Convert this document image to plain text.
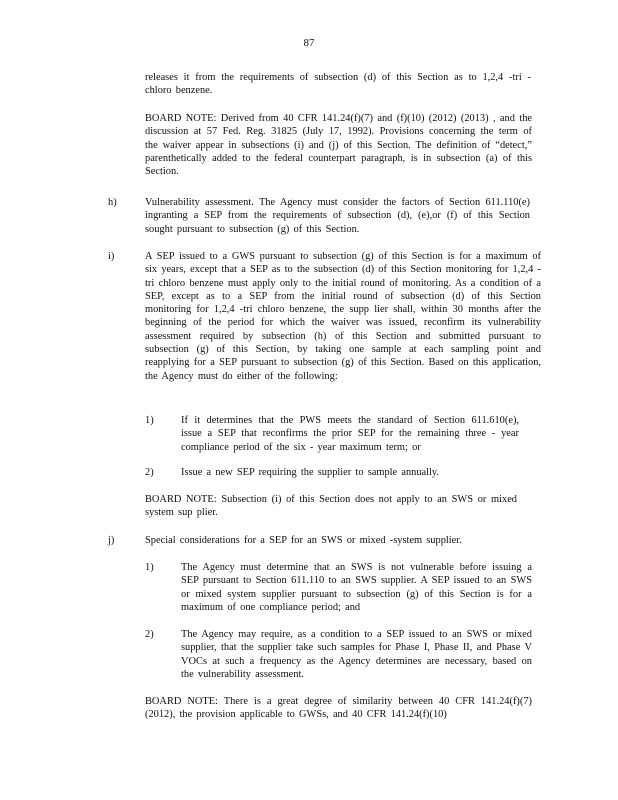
87
releases it from the requirements of subsection (d) of this Section as to 1,2,4 -tri - chloro benzene.
BOARD NOTE: Derived from 40 CFR 141.24(f)(7) and (f)(10) (2012) (2013) , and the discussion at 57 Fed. Reg. 31825 (July 17, 1992). Provisions concerning the term of the waiver appear in subsections (i) and (j) of this Section. The definition of “detect,” parenthetically added to the federal counterpart paragraph, is in subsection (a) of this Section.
h)	Vulnerability assessment. The Agency must consider the factors of Section 611.110(e) ingranting a SEP from the requirements of subsection (d), (e),or (f) of this Section sought pursuant to subsection (g) of this Section.
i)	A SEP issued to a GWS pursuant to subsection (g) of this Section is for a maximum of six years, except that a SEP as to the subsection (d) of this Section monitoring for 1,2,4 -tri chloro benzene must apply only to the initial round of monitoring. As a condition of a SEP, except as to a SEP from the initial round of subsection (d) of this Section monitoring for 1,2,4 -tri chloro benzene, the supp lier shall, within 30 months after the beginning of the period for which the waiver was issued, reconfirm its vulnerability assessment required by subsection (h) of this Section and submitted pursuant to subsection (g) of this Section, by taking one sample at each sampling point and reapplying for a SEP pursuant to subsection (g) of this Section. Based on this application, the Agency must do either of the following:
1)	If it determines that the PWS meets the standard of Section 611.610(e), issue a SEP that reconfirms the prior SEP for the remaining three - year compliance period of the six - year maximum term; or
2)	Issue a new SEP requiring the supplier to sample annually.
BOARD NOTE: Subsection (i) of this Section does not apply to an SWS or mixed system sup plier.
j)	Special considerations for a SEP for an SWS or mixed -system supplier.
1)	The Agency must determine that an SWS is not vulnerable before issuing a SEP pursuant to Section 611.110 to an SWS supplier. A SEP issued to an SWS or mixed system supplier pursuant to subsection (g) of this Section is for a maximum of one compliance period; and
2)	The Agency may require, as a condition to a SEP issued to an SWS or mixed supplier, that the supplier take such samples for Phase I, Phase II, and Phase V VOCs at such a frequency as the Agency determines are necessary, based on the vulnerability assessment.
BOARD NOTE: There is a great degree of similarity between 40 CFR 141.24(f)(7) (2012), the provision applicable to GWSs, and 40 CFR 141.24(f)(10)
